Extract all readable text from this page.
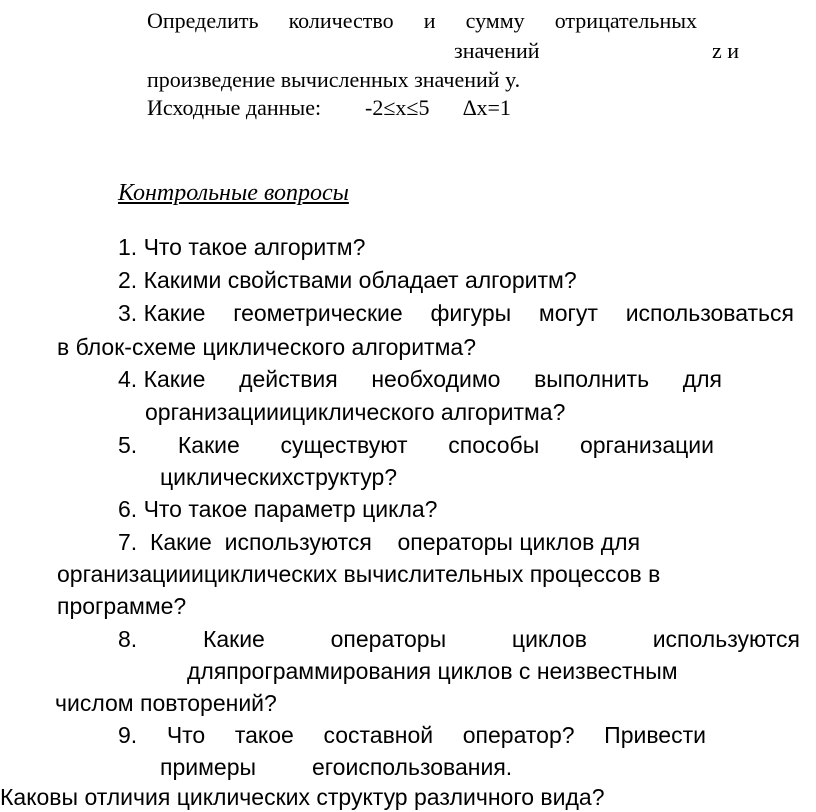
Определить количество и сумму отрицательных
значений	z и
произведение вычисленных значений y.
Исходные данные: -2≤x≤5 ∆x=1
Контрольные вопросы
1. Что такое алгоритм?
2. Какими свойствами обладает алгоритм?
3. Какие геометрические фигуры могут использоваться
в блок-схеме циклического алгоритма?
4. Какие действия необходимо выполнить для
организацииициклического алгоритма?
5. Какие существуют способы организации
циклическихструктур?
6. Что такое параметр цикла?
7.  Какие  используются    операторы циклов для
организацииициклических вычислительных процессов в
программе?
8.	Какие	операторы	циклов	используются
дляпрограммирования циклов с неизвестным
числом повторений?
9. Что такое составной оператор? Привести
примеры егоиспользования.
Каковы отличия циклических структур различного вида?
